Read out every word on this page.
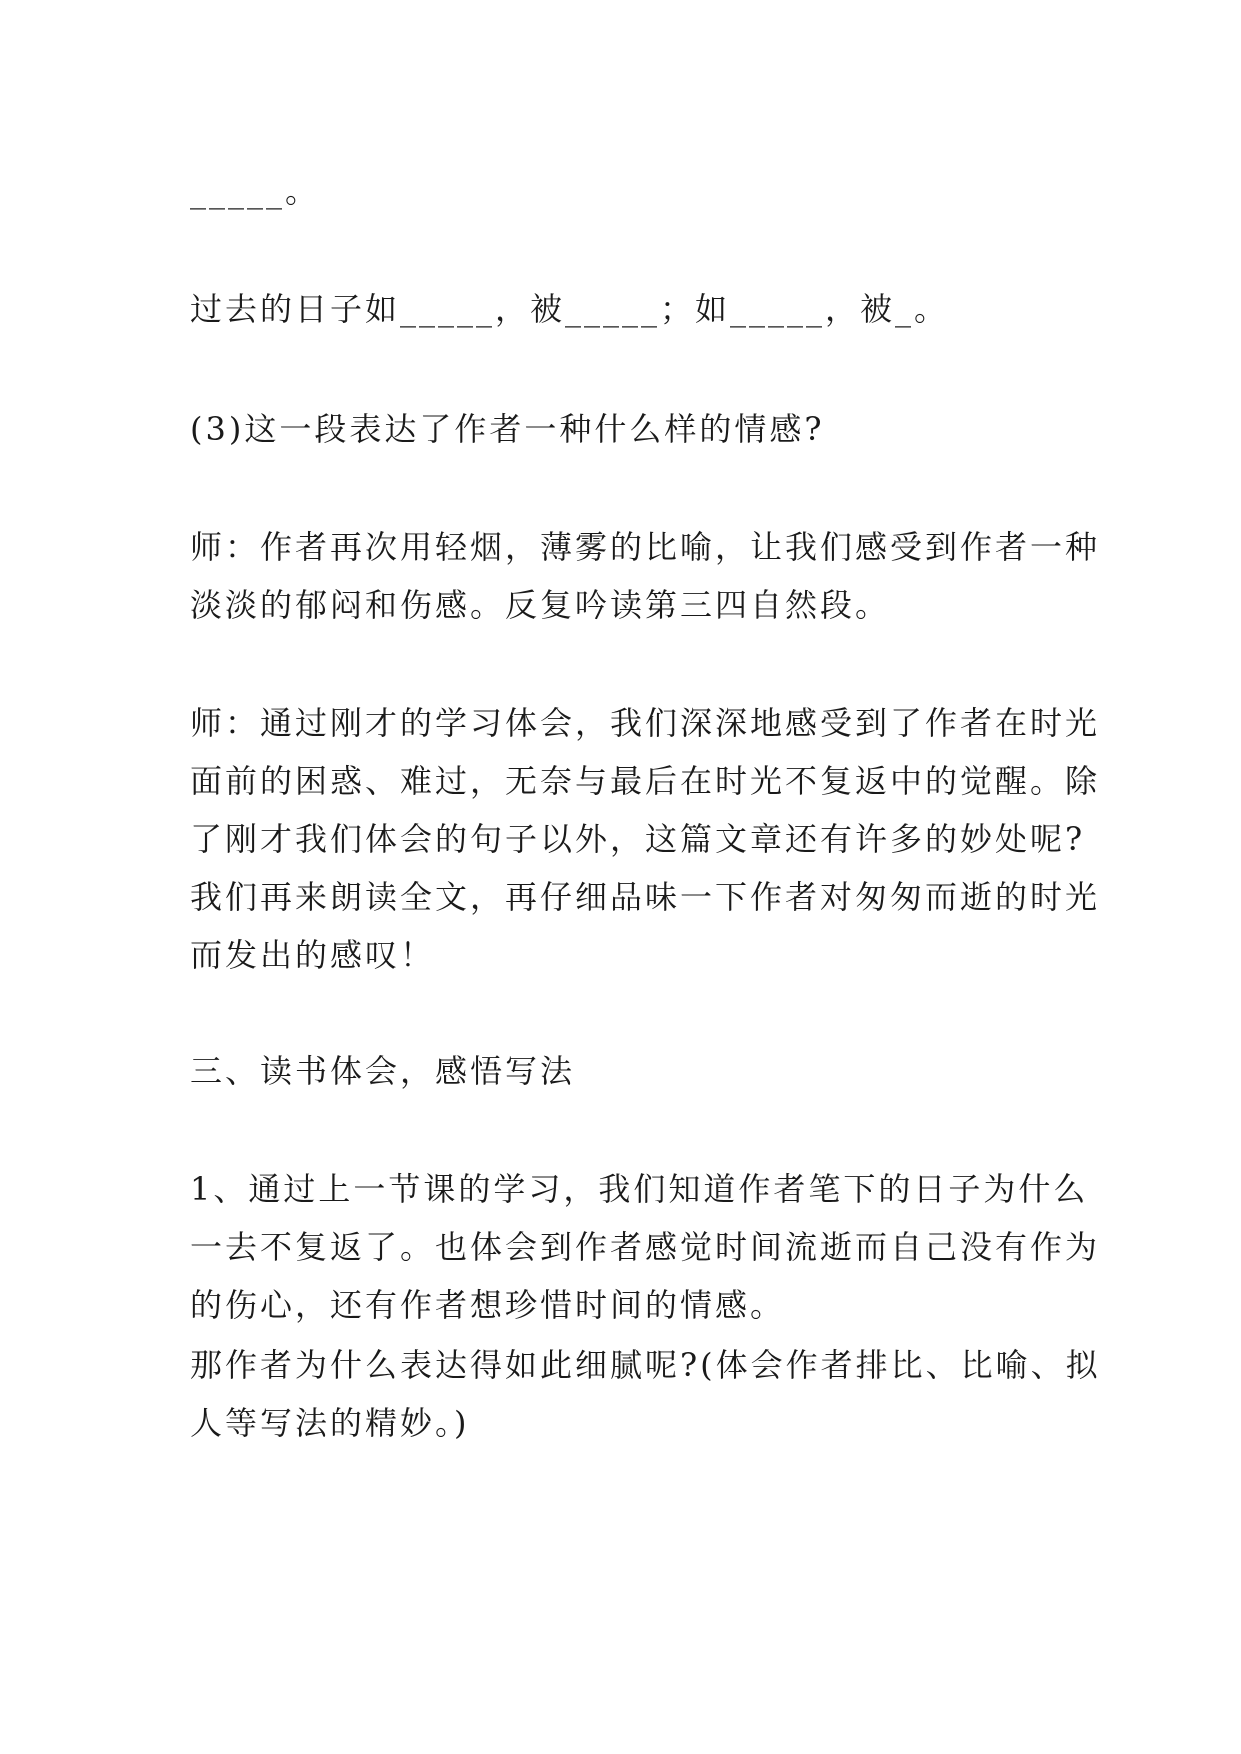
_____。

过去的日子如_____，被_____；如_____，被_。

(3)这一段表达了作者一种什么样的情感?

师：作者再次用轻烟，薄雾的比喻，让我们感受到作者一种
淡淡的郁闷和伤感。反复吟读第三四自然段。

师：通过刚才的学习体会，我们深深地感受到了作者在时光
面前的困惑、难过，无奈与最后在时光不复返中的觉醒。除
了刚才我们体会的句子以外，这篇文章还有许多的妙处呢?
我们再来朗读全文，再仔细品味一下作者对匆匆而逝的时光
而发出的感叹！

三、读书体会，感悟写法

1、通过上一节课的学习，我们知道作者笔下的日子为什么
一去不复返了。也体会到作者感觉时间流逝而自己没有作为
的伤心，还有作者想珍惜时间的情感。

那作者为什么表达得如此细腻呢?(体会作者排比、比喻、拟
人等写法的精妙。)
